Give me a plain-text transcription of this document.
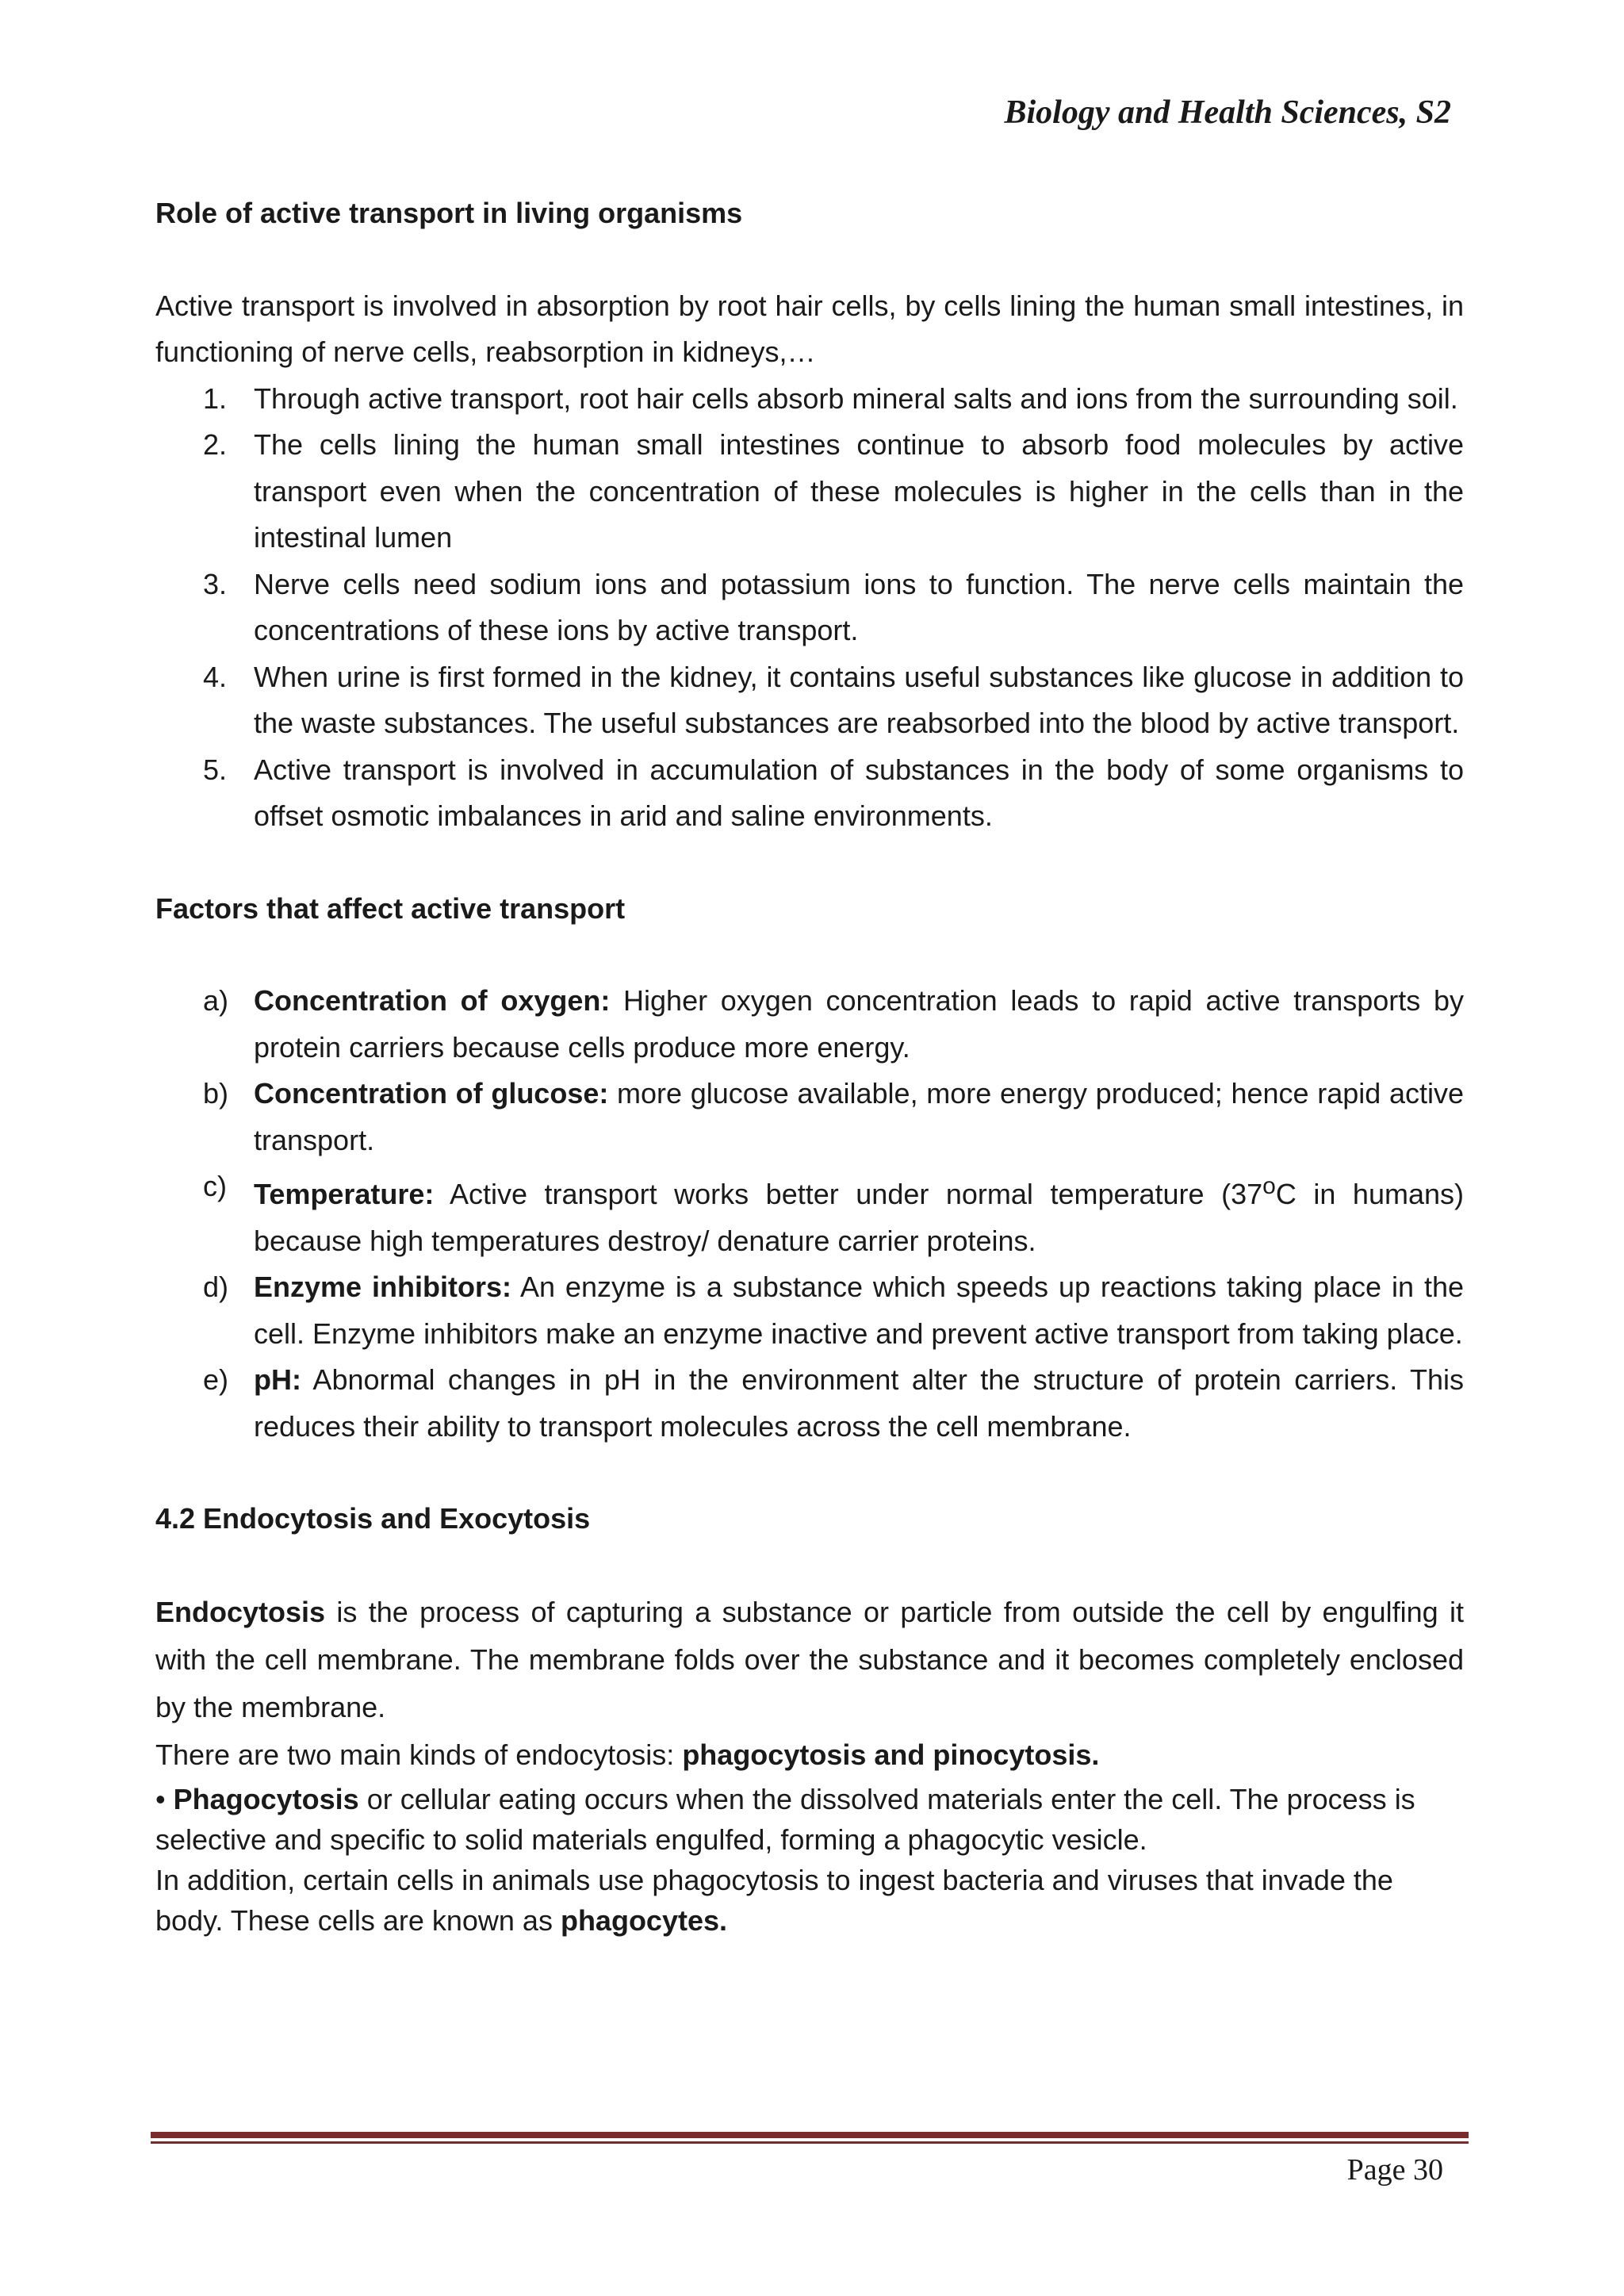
Biology and Health Sciences, S2

Role of active transport in living organisms

Active transport is involved in absorption by root hair cells, by cells lining the human small intestines, in functioning of nerve cells, reabsorption in kidneys,…

1. Through active transport, root hair cells absorb mineral salts and ions from the surrounding soil.
2. The cells lining the human small intestines continue to absorb food molecules by active transport even when the concentration of these molecules is higher in the cells than in the intestinal lumen
3. Nerve cells need sodium ions and potassium ions to function. The nerve cells maintain the concentrations of these ions by active transport.
4. When urine is first formed in the kidney, it contains useful substances like glucose in addition to the waste substances. The useful substances are reabsorbed into the blood by active transport.
5. Active transport is involved in accumulation of substances in the body of some organisms to offset osmotic imbalances in arid and saline environments.

Factors that affect active transport

a) Concentration of oxygen: Higher oxygen concentration leads to rapid active transports by protein carriers because cells produce more energy.
b) Concentration of glucose: more glucose available, more energy produced; hence rapid active transport.
c) Temperature: Active transport works better under normal temperature (37$^o$C in humans) because high temperatures destroy/ denature carrier proteins.
d) Enzyme inhibitors: An enzyme is a substance which speeds up reactions taking place in the cell. Enzyme inhibitors make an enzyme inactive and prevent active transport from taking place.
e) pH: Abnormal changes in pH in the environment alter the structure of protein carriers. This reduces their ability to transport molecules across the cell membrane.

4.2 Endocytosis and Exocytosis

Endocytosis is the process of capturing a substance or particle from outside the cell by engulfing it with the cell membrane. The membrane folds over the substance and it becomes completely enclosed by the membrane.

There are two main kinds of endocytosis: phagocytosis and pinocytosis.

• Phagocytosis or cellular eating occurs when the dissolved materials enter the cell. The process is selective and specific to solid materials engulfed, forming a phagocytic vesicle.

In addition, certain cells in animals use phagocytosis to ingest bacteria and viruses that invade the body. These cells are known as phagocytes.

Page 30
